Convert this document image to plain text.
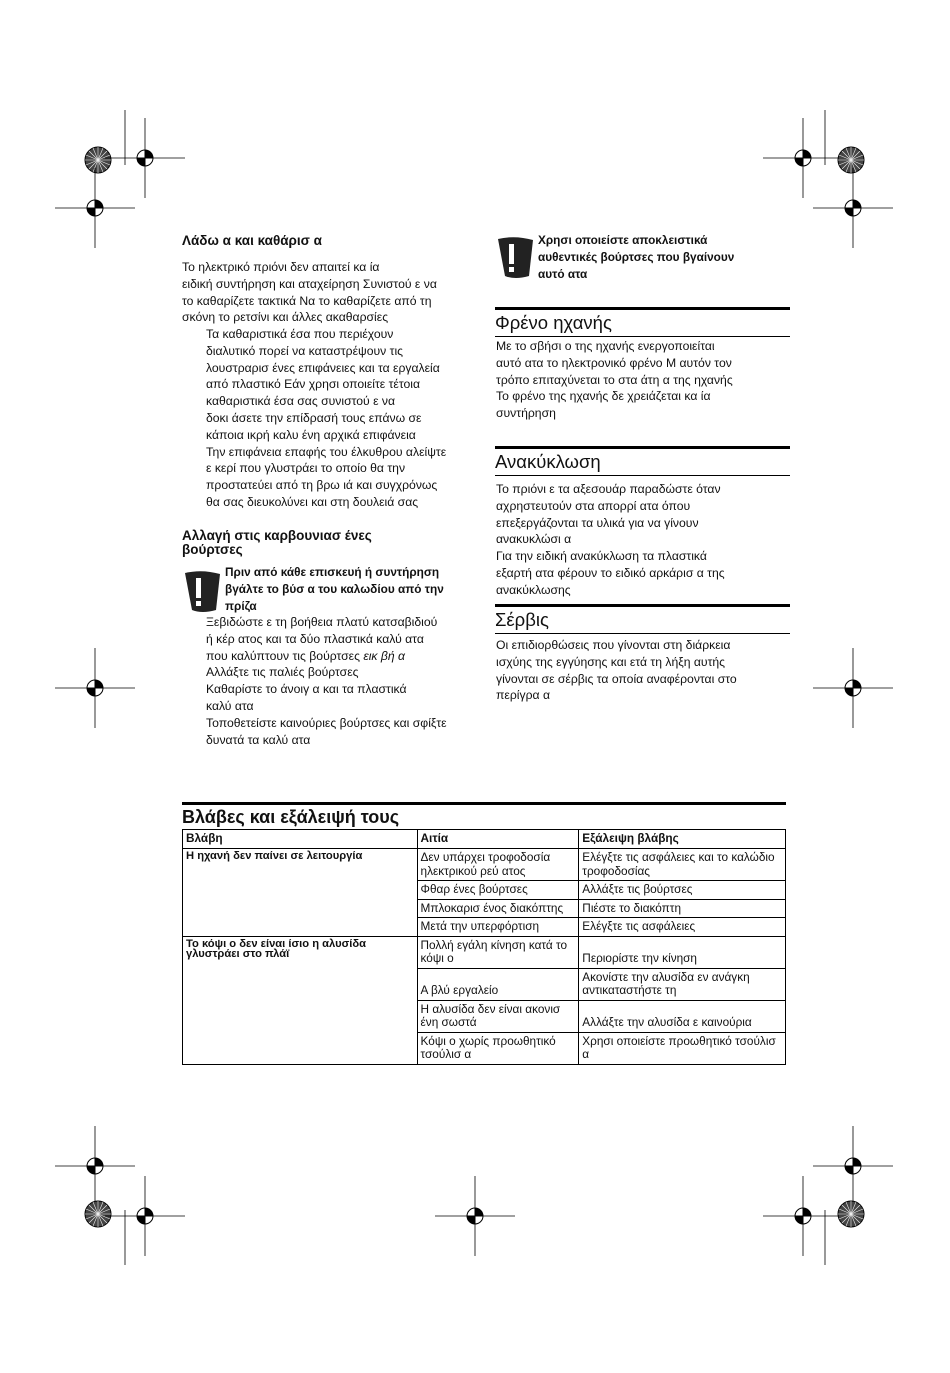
Λάδω α και καθάρισ α

Το ηλεκτρικό πριόνι δεν απαιτεί κα ία

ειδική συντήρηση και αταχείρηση Συνιστού ε να

το καθαρίζετε τακτικά Να το καθαρίζετε από τη

σκόνη το ρετσίνι και άλλες ακαθαρσίες

Τα καθαριστικά έσα που περιέχουν

διαλυτικό πορεί να καταστρέψουν τις

λουστραρισ ένες επιφάνειες και τα εργαλεία

από πλαστικό Εάν χρησι οποιείτε τέτοια

καθαριστικά έσα σας συνιστού ε να

δοκι άσετε την επίδρασή τους επάνω σε

κάποια ικρή καλυ ένη αρχικά επιφάνεια

Την επιφάνεια επαφής του έλκυθρου αλείψτε

ε κερί που γλυστράει το οποίο θα την

προστατεύει από τη βρω ιά και συγχρόνως

θα σας διευκολύνει και στη δουλειά σας

Αλλαγή στις καρβουνιασ ένες
βούρτσες
Πριν από κάθε επισκευή ή συντήρηση
βγάλτε το βύσ α του καλωδίου από την
πρίζα

Ξεβιδώστε ε τη βοήθεια πλατύ κατσαβιδιού

ή κέρ ατος και τα δύο πλαστικά καλύ ατα

που καλύπτουν τις βούρτσες εικ βή α

Αλλάξτε τις παλιές βούρτσες

Καθαρίστε το άνοιγ α και τα πλαστικά

καλύ ατα

Τοποθετείστε καινούριες βούρτσες και σφίξτε

δυνατά τα καλύ ατα

Χρησι οποιείστε αποκλειστικά
αυθεντικές βούρτσες που βγαίνουν
αυτό ατα
Φρένο ηχανής

Με το σβήσι ο της ηχανής ενεργοποιείται

αυτό ατα το ηλεκτρονικό φρένο Μ αυτόν τον

τρόπο επιταχύνεται το στα άτη α της ηχανής

Το φρένο της ηχανής δε χρειάζεται κα ία

συντήρηση

Ανακύκλωση

Το πριόνι ε τα αξεσουάρ παραδώστε όταν

αχρηστευτούν στα απορρί ατα όπου

επεξεργάζονται τα υλικά για να γίνουν

ανακυκλώσι α

Για την ειδική ανακύκλωση τα πλαστικά

εξαρτή ατα φέρουν το ειδικό αρκάρισ α της

ανακύκλωσης

Σέρβις

Οι επιδιορθώσεις που γίνονται στη διάρκεια

ισχύης της εγγύησης και ετά τη λήξη αυτής

γίνονται σε σέρβις τα οποία αναφέρονται στο

περίγρα α

Βλάβες και εξάλειψή τους
Βλάβη	Αιτία	Εξάλειψη βλάβης
Η ηχανή δεν παίνει σε λειτουργία	Δεν υπάρχει τροφοδοσία ηλεκτρικού ρεύ ατος	Ελέγξτε τις ασφάλειες και το καλώδιο τροφοδοσίας
	Φθαρ ένες βούρτσες	Αλλάξτε τις βούρτσες
	Μπλοκαρισ ένος διακόπτης	Πιέστε το διακόπτη
	Μετά την υπερφόρτιση	Ελέγξτε τις ασφάλειες
Το κόψι ο δεν είναι ίσιο η αλυσίδα γλυστράει στο πλάϊ	Πολλή εγάλη κίνηση κατά το κόψι ο	Περιορίστε την κίνηση
	Α βλύ εργαλείο	Ακονίστε την αλυσίδα εν ανάγκη αντικαταστήστε τη
	Η αλυσίδα δεν είναι ακονισ ένη σωστά	Αλλάξτε την αλυσίδα ε καινούρια
	Κόψι ο χωρίς προωθητικό τσούλισ α	Χρησι οποιείστε προωθητικό τσούλισ α
